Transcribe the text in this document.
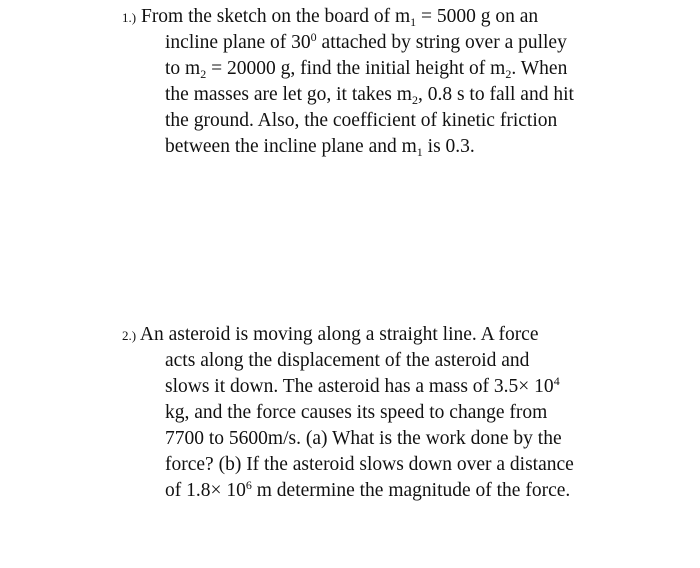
1.) From the sketch on the board of $m_1 = 5000$ g on an
incline plane of $30^0$ attached by string over a pulley
to $m_2 = 20000$ g, find the initial height of $m_2$. When
the masses are let go, it takes $m_2$, 0.8 s to fall and hit
the ground. Also, the coefficient of kinetic friction
between the incline plane and $m_1$ is 0.3.
2.) An asteroid is moving along a straight line. A force
acts along the displacement of the asteroid and
slows it down. The asteroid has a mass of $3.5\times 10^4$
kg, and the force causes its speed to change from
7700 to 5600m/s. (a) What is the work done by the
force? (b) If the asteroid slows down over a distance
of $1.8\times 10^6$ m determine the magnitude of the force.
